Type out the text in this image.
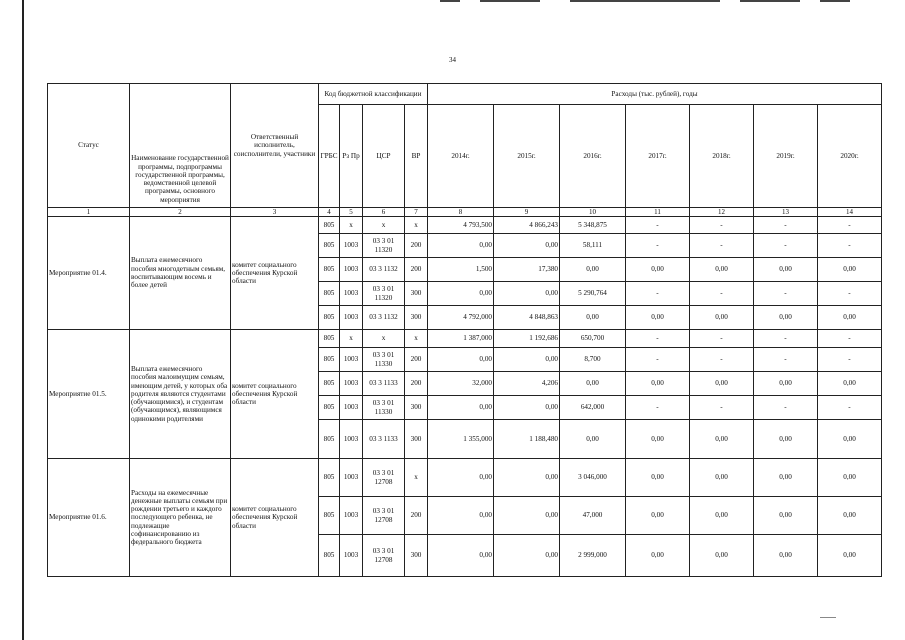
34
Статус	Наименование государственной программы, подпрограммы государственной программы, ведомственной целевой программы, основного мероприятия	Ответственный исполнитель, соисполнители, участники	Код бюджетной классификации				Расходы (тыс. рублей), годы						
			ГРБС	Рз Пр	ЦСР	ВР	2014г.	2015г.	2016г.	2017г.	2018г.	2019г.	2020г.
1	2	3	4	5	6	7	8	9	10	11	12	13	14
Мероприятие 01.4.	Выплата ежемесячного пособия многодетным семьям, воспитывающим восемь и более детей	комитет социального обеспечения Курской области	805	х	х	х	4 793,500	4 866,243	5 348,875	-	-	-	-
			805	1003	03 3 01 11320	200	0,00	0,00	58,111	-	-	-	-
			805	1003	03 3 1132	200	1,500	17,380	0,00	0,00	0,00	0,00	0,00
			805	1003	03 3 01 11320	300	0,00	0,00	5 290,764	-	-	-	-
			805	1003	03 3 1132	300	4 792,000	4 848,863	0,00	0,00	0,00	0,00	0,00
Мероприятие 01.5.	Выплата ежемесячного пособия малоимущим семьям, имеющим детей, у которых оба родителя являются студентами (обучающимися), и студентам (обучающимся), являющимся одинокими родителями	комитет социального обеспечения Курской области	805	х	х	х	1 387,000	1 192,686	650,700	-	-	-	-
			805	1003	03 3 01 11330	200	0,00	0,00	8,700	-	-	-	-
			805	1003	03 3 1133	200	32,000	4,206	0,00	0,00	0,00	0,00	0,00
			805	1003	03 3 01 11330	300	0,00	0,00	642,000	-	-	-	-
			805	1003	03 3 1133	300	1 355,000	1 188,480	0,00	0,00	0,00	0,00	0,00
Мероприятие 01.6.	Расходы на ежемесячные денежные выплаты семьям при рождении третьего и каждого последующего ребенка, не подлежащие софинансированию из федерального бюджета	комитет социального обеспечения Курской области	805	1003	03 3 01 12708	х	0,00	0,00	3 046,000	0,00	0,00	0,00	0,00
			805	1003	03 3 01 12708	200	0,00	0,00	47,000	0,00	0,00	0,00	0,00
			805	1003	03 3 01 12708	300	0,00	0,00	2 999,000	0,00	0,00	0,00	0,00
